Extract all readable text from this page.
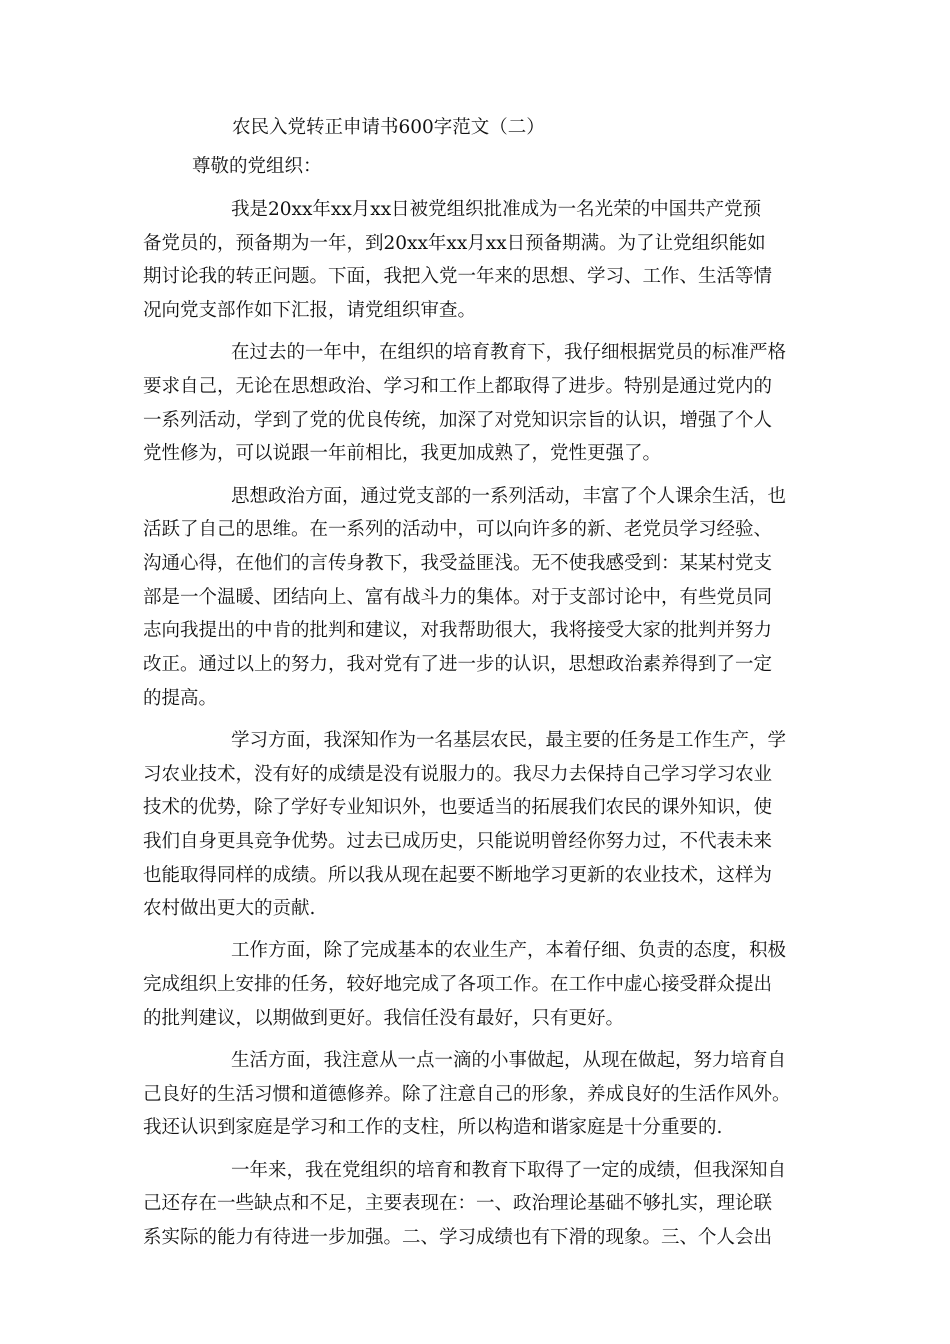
农民入党转正申请书600字范文（二）
尊敬的党组织：
我是20xx年xx月xx日被党组织批准成为一名光荣的中国共产党预
备党员的，预备期为一年，到20xx年xx月xx日预备期满。为了让党组织能如
期讨论我的转正问题。下面，我把入党一年来的思想、学习、工作、生活等情
况向党支部作如下汇报，请党组织审查。
在过去的一年中，在组织的培育教育下，我仔细根据党员的标准严格
要求自己，无论在思想政治、学习和工作上都取得了进步。特别是通过党内的
一系列活动，学到了党的优良传统，加深了对党知识宗旨的认识，增强了个人
党性修为，可以说跟一年前相比，我更加成熟了，党性更强了。
思想政治方面，通过党支部的一系列活动，丰富了个人课余生活，也
活跃了自己的思维。在一系列的活动中，可以向许多的新、老党员学习经验、
沟通心得，在他们的言传身教下，我受益匪浅。无不使我感受到：某某村党支
部是一个温暖、团结向上、富有战斗力的集体。对于支部讨论中，有些党员同
志向我提出的中肯的批判和建议，对我帮助很大，我将接受大家的批判并努力
改正。通过以上的努力，我对党有了进一步的认识，思想政治素养得到了一定
的提高。
学习方面，我深知作为一名基层农民，最主要的任务是工作生产，学
习农业技术，没有好的成绩是没有说服力的。我尽力去保持自己学习学习农业
技术的优势，除了学好专业知识外，也要适当的拓展我们农民的课外知识，使
我们自身更具竞争优势。过去已成历史，只能说明曾经你努力过，不代表未来
也能取得同样的成绩。所以我从现在起要不断地学习更新的农业技术，这样为
农村做出更大的贡献.
工作方面，除了完成基本的农业生产，本着仔细、负责的态度，积极
完成组织上安排的任务，较好地完成了各项工作。在工作中虚心接受群众提出
的批判建议，以期做到更好。我信任没有最好，只有更好。
生活方面，我注意从一点一滴的小事做起，从现在做起，努力培育自
己良好的生活习惯和道德修养。除了注意自己的形象，养成良好的生活作风外。
我还认识到家庭是学习和工作的支柱，所以构造和谐家庭是十分重要的.
一年来，我在党组织的培育和教育下取得了一定的成绩，但我深知自
己还存在一些缺点和不足，主要表现在：一、政治理论基础不够扎实，理论联
系实际的能力有待进一步加强。二、学习成绩也有下滑的现象。三、个人会出
